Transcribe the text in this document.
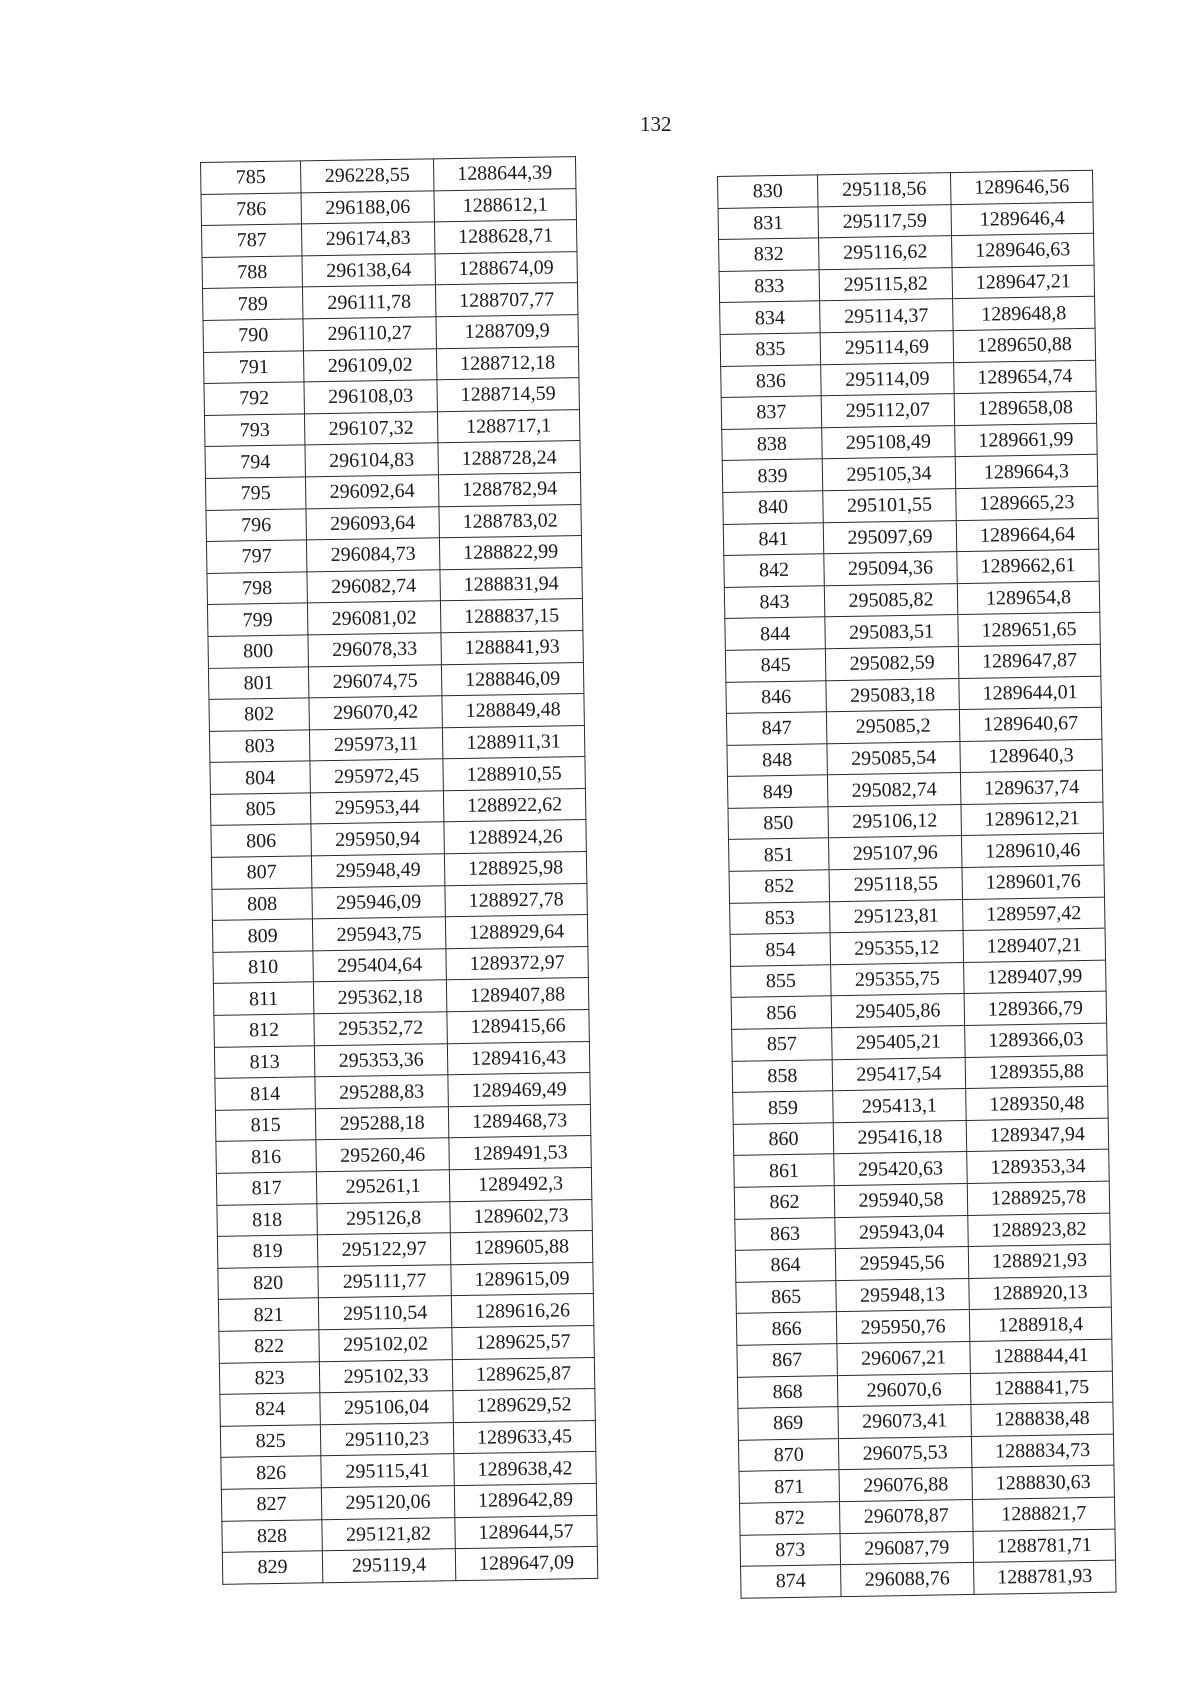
132
785	296228,55	1288644,39
786	296188,06	1288612,1
787	296174,83	1288628,71
788	296138,64	1288674,09
789	296111,78	1288707,77
790	296110,27	1288709,9
791	296109,02	1288712,18
792	296108,03	1288714,59
793	296107,32	1288717,1
794	296104,83	1288728,24
795	296092,64	1288782,94
796	296093,64	1288783,02
797	296084,73	1288822,99
798	296082,74	1288831,94
799	296081,02	1288837,15
800	296078,33	1288841,93
801	296074,75	1288846,09
802	296070,42	1288849,48
803	295973,11	1288911,31
804	295972,45	1288910,55
805	295953,44	1288922,62
806	295950,94	1288924,26
807	295948,49	1288925,98
808	295946,09	1288927,78
809	295943,75	1288929,64
810	295404,64	1289372,97
811	295362,18	1289407,88
812	295352,72	1289415,66
813	295353,36	1289416,43
814	295288,83	1289469,49
815	295288,18	1289468,73
816	295260,46	1289491,53
817	295261,1	1289492,3
818	295126,8	1289602,73
819	295122,97	1289605,88
820	295111,77	1289615,09
821	295110,54	1289616,26
822	295102,02	1289625,57
823	295102,33	1289625,87
824	295106,04	1289629,52
825	295110,23	1289633,45
826	295115,41	1289638,42
827	295120,06	1289642,89
828	295121,82	1289644,57
829	295119,4	1289647,09
830	295118,56	1289646,56
831	295117,59	1289646,4
832	295116,62	1289646,63
833	295115,82	1289647,21
834	295114,37	1289648,8
835	295114,69	1289650,88
836	295114,09	1289654,74
837	295112,07	1289658,08
838	295108,49	1289661,99
839	295105,34	1289664,3
840	295101,55	1289665,23
841	295097,69	1289664,64
842	295094,36	1289662,61
843	295085,82	1289654,8
844	295083,51	1289651,65
845	295082,59	1289647,87
846	295083,18	1289644,01
847	295085,2	1289640,67
848	295085,54	1289640,3
849	295082,74	1289637,74
850	295106,12	1289612,21
851	295107,96	1289610,46
852	295118,55	1289601,76
853	295123,81	1289597,42
854	295355,12	1289407,21
855	295355,75	1289407,99
856	295405,86	1289366,79
857	295405,21	1289366,03
858	295417,54	1289355,88
859	295413,1	1289350,48
860	295416,18	1289347,94
861	295420,63	1289353,34
862	295940,58	1288925,78
863	295943,04	1288923,82
864	295945,56	1288921,93
865	295948,13	1288920,13
866	295950,76	1288918,4
867	296067,21	1288844,41
868	296070,6	1288841,75
869	296073,41	1288838,48
870	296075,53	1288834,73
871	296076,88	1288830,63
872	296078,87	1288821,7
873	296087,79	1288781,71
874	296088,76	1288781,93
